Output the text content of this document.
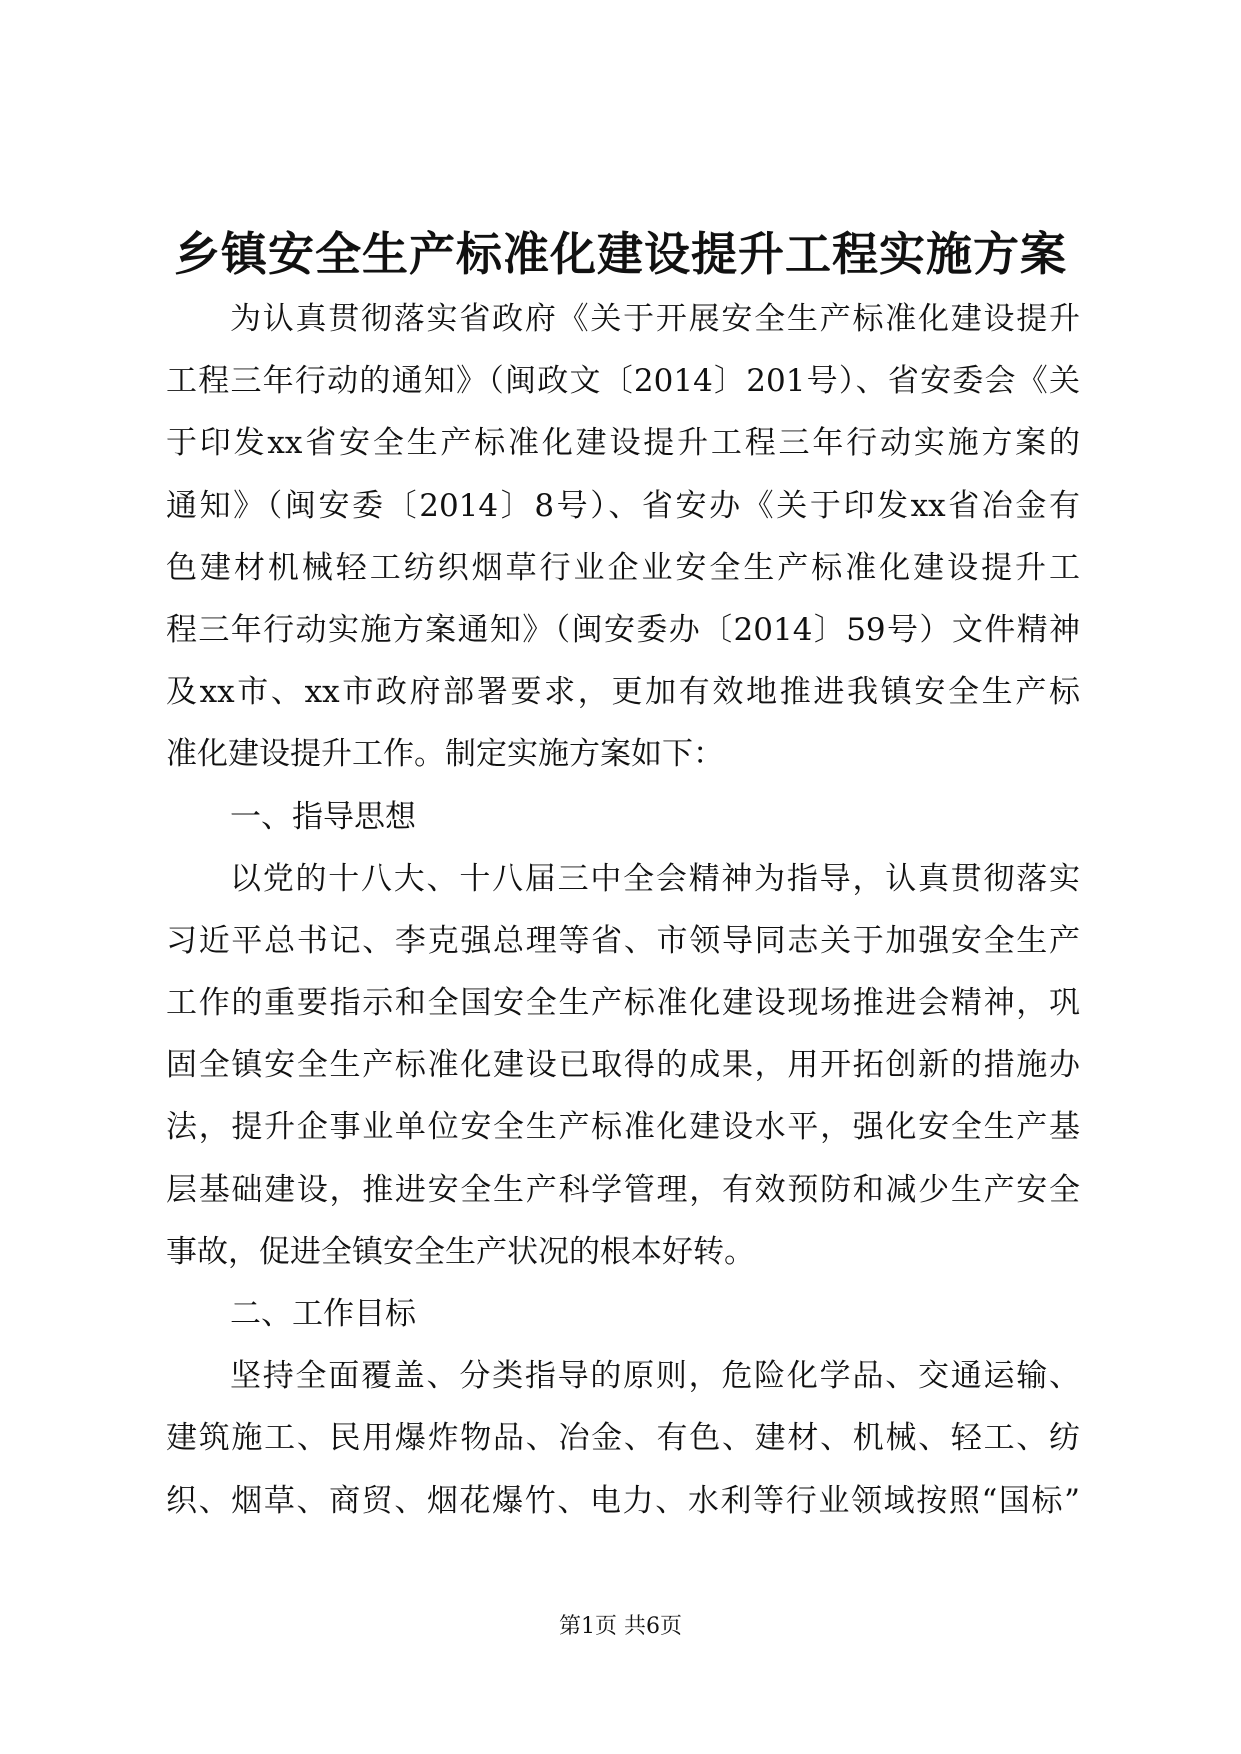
乡镇安全生产标准化建设提升工程实施方案
为认真贯彻落实省政府《关于开展安全生产标准化建设提升
工程三年行动的通知》（闽政文〔2014〕201号）、省安委会《关
于印发xx省安全生产标准化建设提升工程三年行动实施方案的
通知》（闽安委〔2014〕8号）、省安办《关于印发xx省冶金有
色建材机械轻工纺织烟草行业企业安全生产标准化建设提升工
程三年行动实施方案通知》（闽安委办〔2014〕59号）文件精神
及xx市、xx市政府部署要求，更加有效地推进我镇安全生产标
准化建设提升工作。制定实施方案如下：
一、指导思想
以党的十八大、十八届三中全会精神为指导，认真贯彻落实
习近平总书记、李克强总理等省、市领导同志关于加强安全生产
工作的重要指示和全国安全生产标准化建设现场推进会精神，巩
固全镇安全生产标准化建设已取得的成果，用开拓创新的措施办
法，提升企事业单位安全生产标准化建设水平，强化安全生产基
层基础建设，推进安全生产科学管理，有效预防和减少生产安全
事故，促进全镇安全生产状况的根本好转。
二、工作目标
坚持全面覆盖、分类指导的原则，危险化学品、交通运输、
建筑施工、民用爆炸物品、冶金、有色、建材、机械、轻工、纺
织、烟草、商贸、烟花爆竹、电力、水利等行业领域按照“国标”
第1页 共6页
